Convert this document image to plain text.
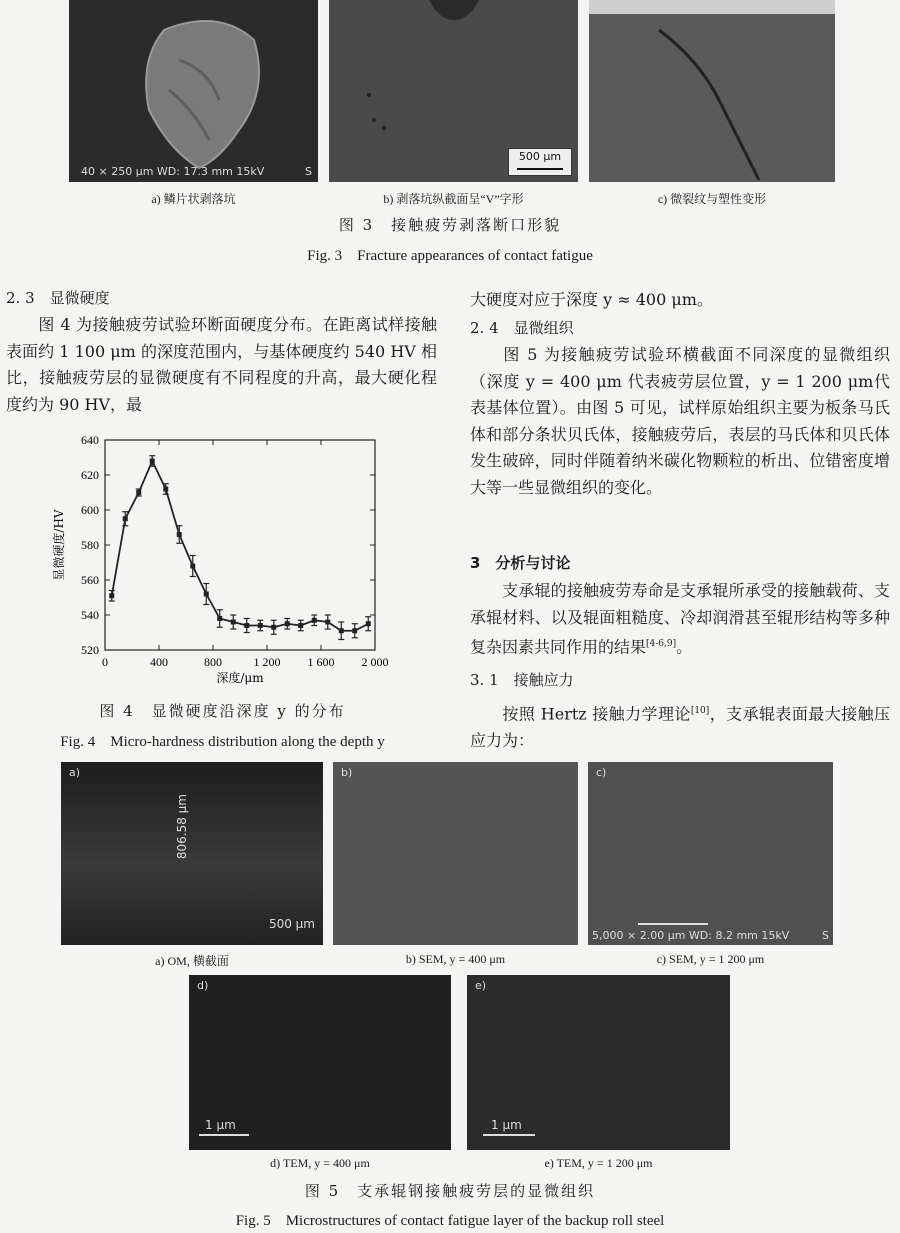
40 × 250 μm WD: 17.3 mm 15kV	S
500 μm
a) 鳞片状剥落坑	b) 剥落坑纵截面呈“V”字形	c) 微裂纹与塑性变形
图 3　接触疲劳剥落断口形貌
Fig. 3　Fracture appearances of contact fatigue
2. 3　显微硬度
图 4 为接触疲劳试验环断面硬度分布。在距离试样接触表面约 1 100 μm 的深度范围内，与基体硬度约 540 HV 相比，接触疲劳层的显微硬度有不同程度的升高，最大硬化程度约为 90 HV，最
0	400	800	1 200 1 600 2 000
520
540
560
580
600
620
640
深度/μm
显微硬度/HV
图 4　显微硬度沿深度 y 的分布
Fig. 4　Micro-hardness distribution along the depth y
大硬度对应于深度 y ≈ 400 μm。
2. 4　显微组织
图 5 为接触疲劳试验环横截面不同深度的显微组织（深度 y = 400 μm 代表疲劳层位置，y = 1 200 μm代表基体位置）。由图 5 可见，试样原始组织主要为板条马氏体和部分条状贝氏体，接触疲劳后，表层的马氏体和贝氏体发生破碎，同时伴随着纳米碳化物颗粒的析出、位错密度增大等一些显微组织的变化。
3　分析与讨论
支承辊的接触疲劳寿命是支承辊所承受的接触载荷、支承辊材料、以及辊面粗糙度、冷却润滑甚至辊形结构等多种复杂因素共同作用的结果[4-6,9]。
3. 1　接触应力
按照 Hertz 接触力学理论[10]，支承辊表面最大接触压应力为：
a)
806.58 μm
500 μm
b)	c)
5,000 × 2.00 μm WD: 8.2 mm 15kV	S
a) OM, 横截面	b) SEM, y = 400 μm	c) SEM, y = 1 200 μm
d)
1 μm
e)
1 μm
d) TEM, y = 400 μm	e) TEM, y = 1 200 μm
图 5　支承辊钢接触疲劳层的显微组织
Fig. 5　Microstructures of contact fatigue layer of the backup roll steel
